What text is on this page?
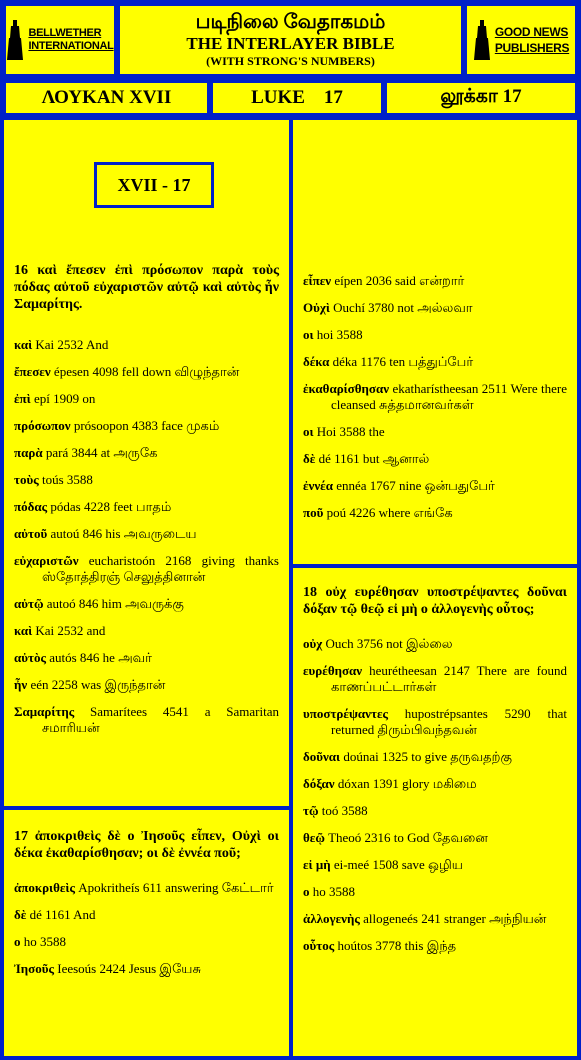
BELLWETHER
INTERNATIONAL
படிநிலை வேதாகமம்
THE INTERLAYER BIBLE
(WITH STRONG'S NUMBERS)
GOOD NEWS
PUBLISHERS
ΛΟΥΚΑΝ XVII	LUKE    17	லூக்கா 17
XVII - 17
16 καὶ ἔπεσεν ἐπὶ πρόσωπον παρὰ τοὺς πόδας αὐτοῦ εὐχαριστῶν αὐτῷ καὶ αὐτὸς ἦν Σαμαρίτης.
καὶ Kai 2532 And
ἔπεσεν épesen 4098 fell down விழுந்தான்
ἐπὶ epí 1909 on
πρόσωπον prósoopon 4383 face முகம்
παρὰ pará 3844 at அருகே
τοὺς toús 3588
πόδας pódas 4228 feet பாதம்
αὐτοῦ autoú 846 his அவருடைய
εὐχαριστῶν eucharistoón 2168 giving thanks ஸ்தோத்திரஞ் செலுத்தினான்
αὐτῷ autoó 846 him அவருக்கு
καὶ Kai 2532 and
αὐτὸς autós 846 he அவர்
ἦν eén 2258 was இருந்தான்
Σαμαρίτης Samarítees 4541 a Samaritan சமாரியன்
17 ἀποκριθεὶς δὲ ο Ἰησοῦς εἶπεν, Οὐχὶ οι δέκα ἐκαθαρίσθησαν; οι δὲ ἐννέα ποῦ;
ἀποκριθεὶς Apokritheís 611 answering கேட்டார்
δὲ dé 1161 And
ο ho 3588
Ἰησοῦς Ieesoús 2424 Jesus இயேசு
εἶπεν eípen 2036 said என்றார்
Οὐχὶ Ouchí 3780 not அல்லவா
οι hoi 3588
δέκα déka 1176 ten பத்துப்பேர்
ἐκαθαρίσθησαν ekatharístheesan 2511 Were there cleansed சுத்தமானவர்கள்
οι Hoi 3588 the
δὲ dé 1161 but ஆனால்
ἐννέα ennéa 1767 nine ஒன்பதுபேர்
ποῦ poú 4226 where எங்கே
18 οὐχ ευρέθησαν υποστρέψαντες δοῦναι δόξαν τῷ θεῷ εἰ μὴ ο ἀλλογενὴς οὗτος;
οὐχ Ouch 3756 not இல்லை
ευρέθησαν heurétheesan 2147 There are found காணப்பட்டார்கள்
υποστρέψαντες hupostrépsantes 5290 that returned திரும்பிவந்தவன்
δοῦναι doúnai 1325 to give தருவதற்கு
δόξαν dóxan 1391 glory மகிமை
τῷ toó 3588
θεῷ Theoó 2316 to God தேவனை
εἰ μὴ ei-meé 1508 save ஒழிய
ο ho 3588
ἀλλογενὴς allogeneés 241 stranger அந்நியன்
οὗτος hoútos 3778 this இந்த
